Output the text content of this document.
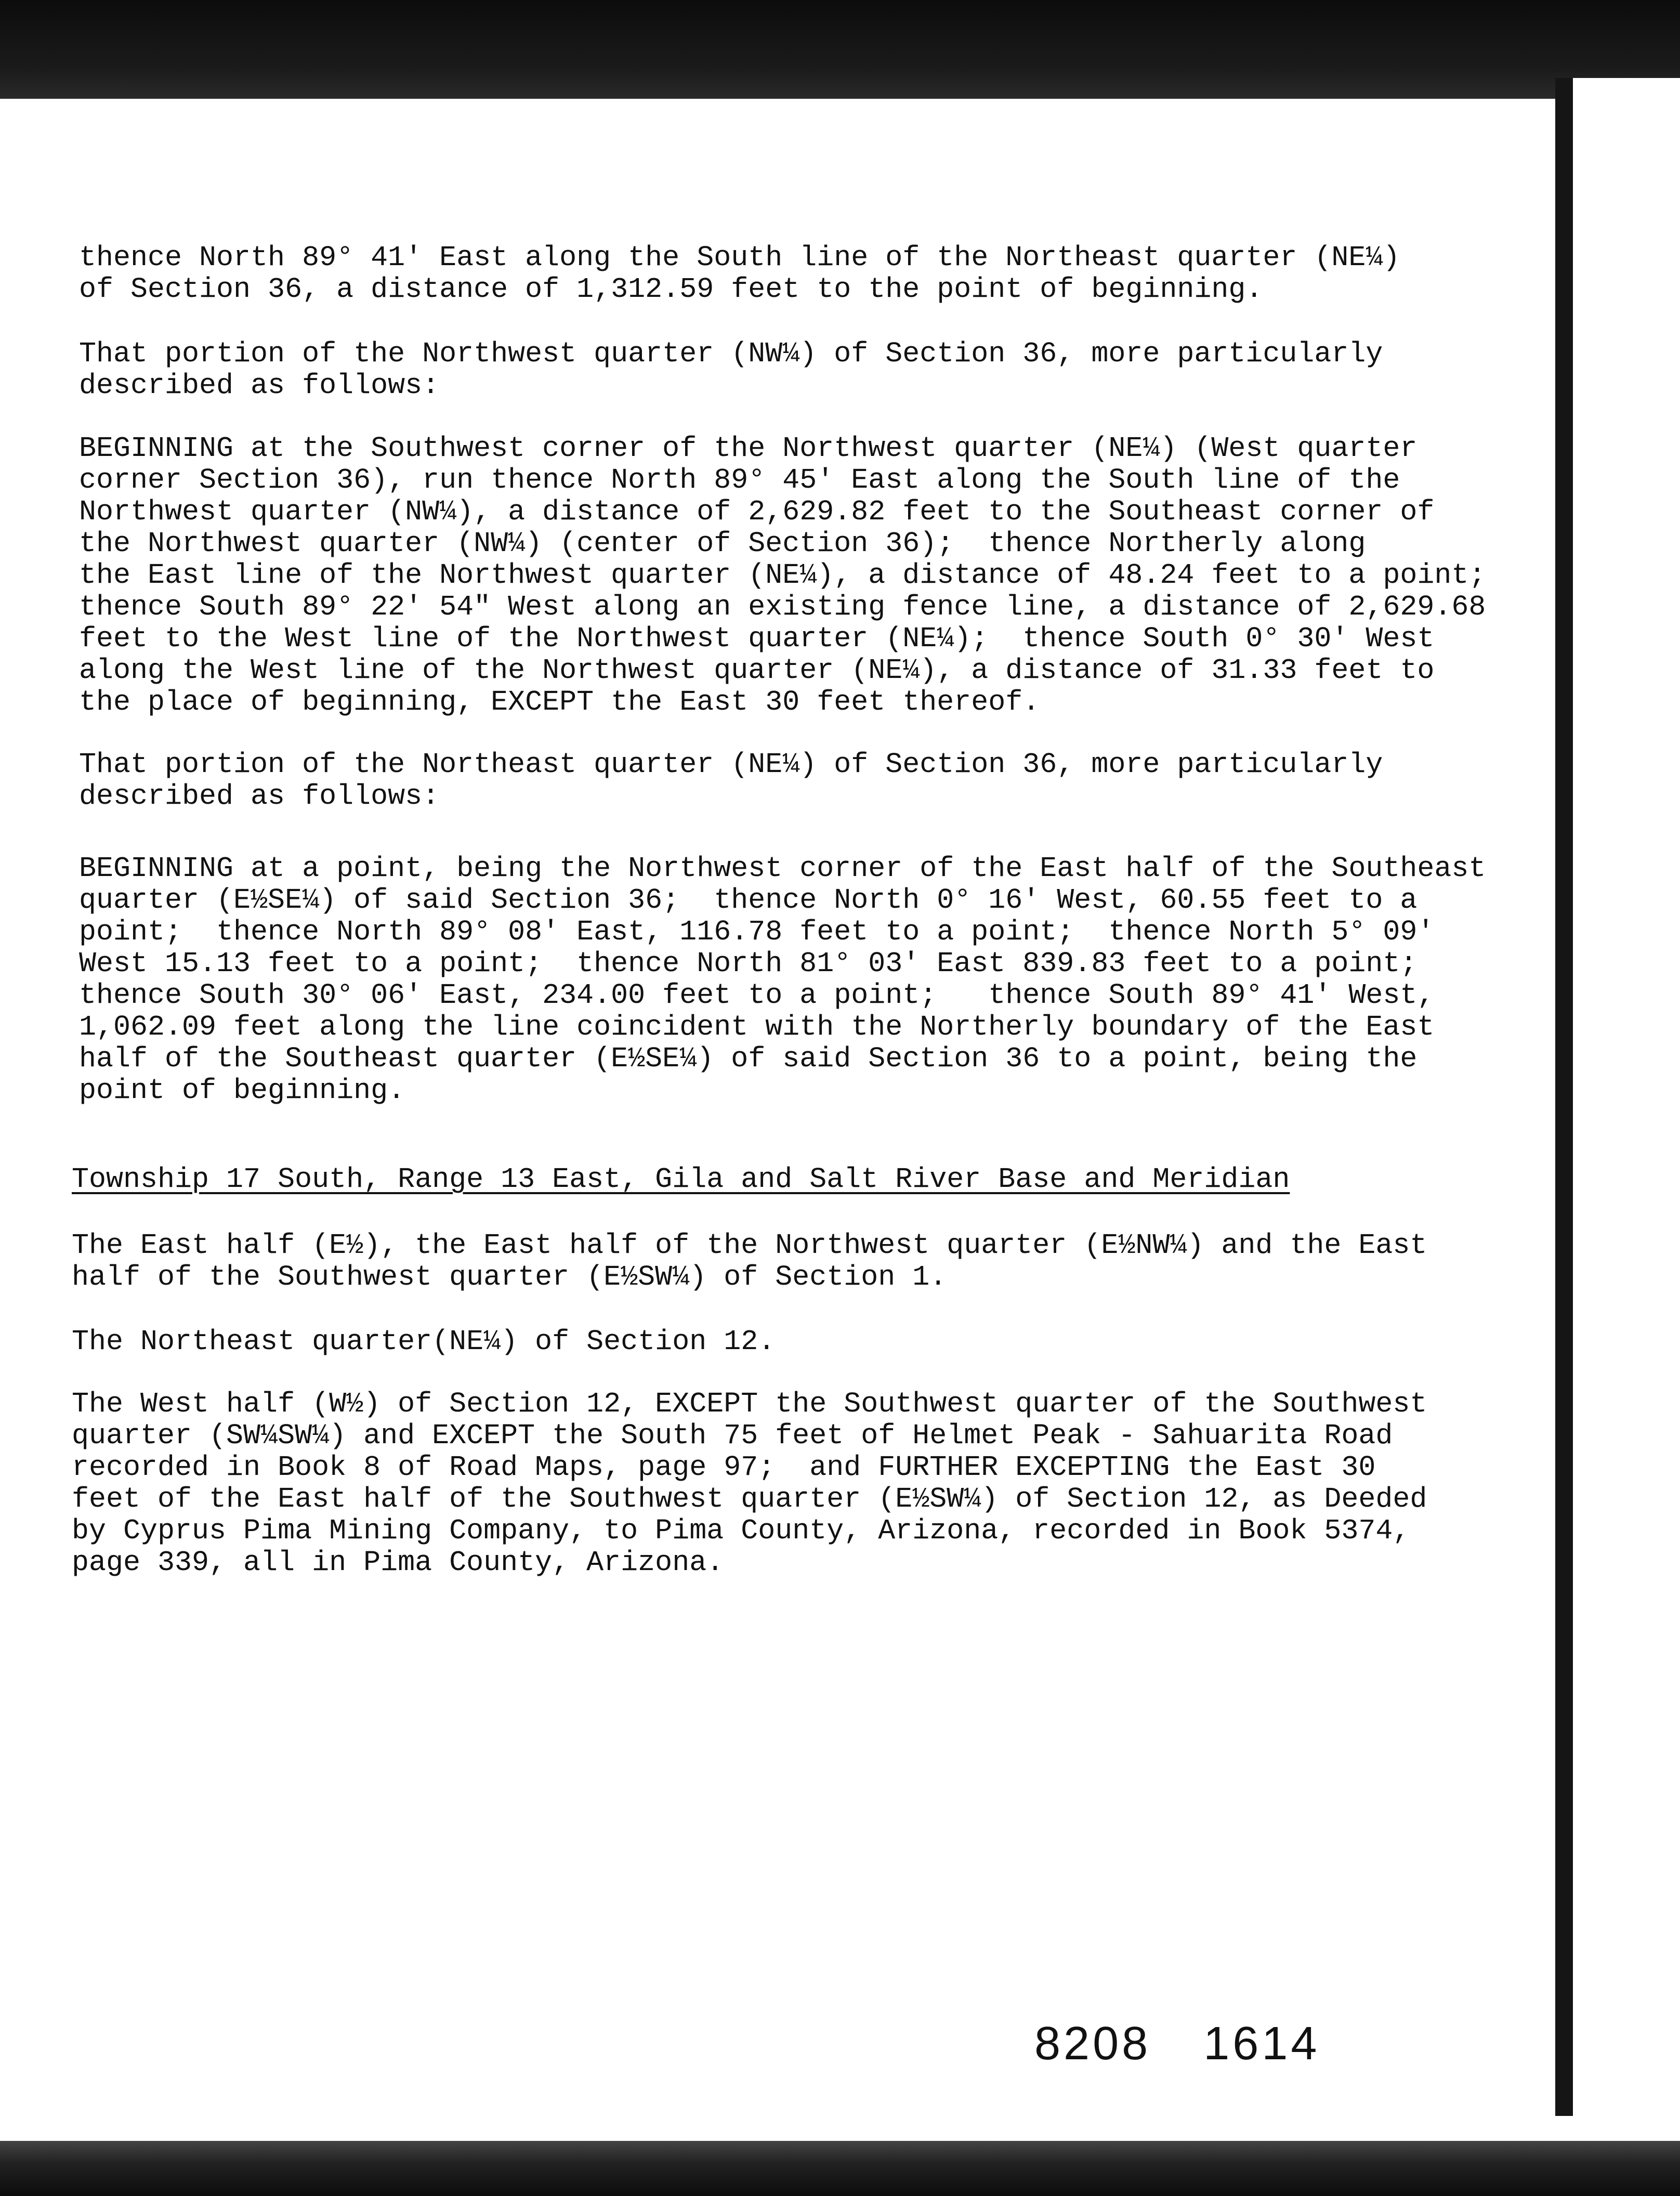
thence North 89° 41' East along the South line of the Northeast quarter (NE¼)
of Section 36, a distance of 1,312.59 feet to the point of beginning.
That portion of the Northwest quarter (NW¼) of Section 36, more particularly
described as follows:
BEGINNING at the Southwest corner of the Northwest quarter (NE¼) (West quarter
corner Section 36), run thence North 89° 45' East along the South line of the
Northwest quarter (NW¼), a distance of 2,629.82 feet to the Southeast corner of
the Northwest quarter (NW¼) (center of Section 36);  thence Northerly along
the East line of the Northwest quarter (NE¼), a distance of 48.24 feet to a point;
thence South 89° 22' 54" West along an existing fence line, a distance of 2,629.68
feet to the West line of the Northwest quarter (NE¼);  thence South 0° 30' West
along the West line of the Northwest quarter (NE¼), a distance of 31.33 feet to
the place of beginning, EXCEPT the East 30 feet thereof.
That portion of the Northeast quarter (NE¼) of Section 36, more particularly
described as follows:
BEGINNING at a point, being the Northwest corner of the East half of the Southeast
quarter (E½SE¼) of said Section 36;  thence North 0° 16' West, 60.55 feet to a
point;  thence North 89° 08' East, 116.78 feet to a point;  thence North 5° 09'
West 15.13 feet to a point;  thence North 81° 03' East 839.83 feet to a point;
thence South 30° 06' East, 234.00 feet to a point;   thence South 89° 41' West,
1,062.09 feet along the line coincident with the Northerly boundary of the East
half of the Southeast quarter (E½SE¼) of said Section 36 to a point, being the
point of beginning.
Township 17 South, Range 13 East, Gila and Salt River Base and Meridian
The East half (E½), the East half of the Northwest quarter (E½NW¼) and the East
half of the Southwest quarter (E½SW¼) of Section 1.
The Northeast quarter(NE¼) of Section 12.
The West half (W½) of Section 12, EXCEPT the Southwest quarter of the Southwest
quarter (SW¼SW¼) and EXCEPT the South 75 feet of Helmet Peak - Sahuarita Road
recorded in Book 8 of Road Maps, page 97;  and FURTHER EXCEPTING the East 30
feet of the East half of the Southwest quarter (E½SW¼) of Section 12, as Deeded
by Cyprus Pima Mining Company, to Pima County, Arizona, recorded in Book 5374,
page 339, all in Pima County, Arizona.
8208 1614
